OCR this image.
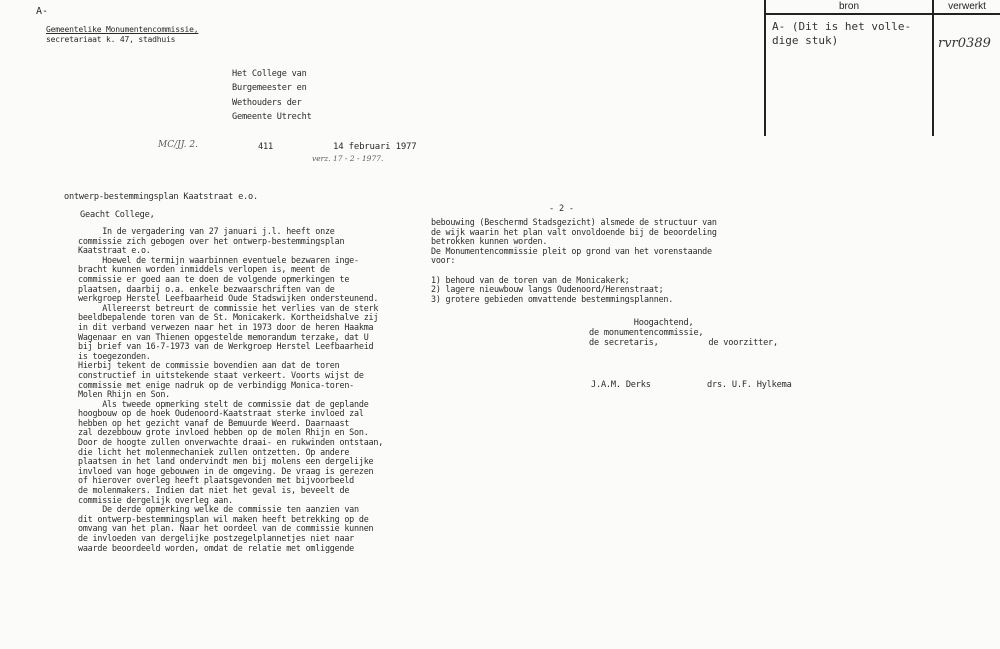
A-
Gemeentelike Monumentencommissie,
secretariaat k. 47, stadhuis
bron	verwerkt
A- (Dit is het volle-
dige stuk)	rvr0389
Het College van
Burgemeester en
Wethouders der
Gemeente Utrecht
MC/JJ. 2.	411	14 februari 1977
verz. 17 - 2 - 1977.
ontwerp-bestemmingsplan Kaatstraat e.o.
Geacht College,
In de vergadering van 27 januari j.l. heeft onze
commissie zich gebogen over het ontwerp-bestemmingsplan
Kaatstraat e.o.
Hoewel de termijn waarbinnen eventuele bezwaren inge-
bracht kunnen worden inmiddels verlopen is, meent de
commissie er goed aan te doen de volgende opmerkingen te
plaatsen, daarbij o.a. enkele bezwaarschriften van de
werkgroep Herstel Leefbaarheid Oude Stadswijken ondersteunend.
Allereerst betreurt de commissie het verlies van de sterk
beeldbepalende toren van de St. Monicakerk. Kortheidshalve zij
in dit verband verwezen naar het in 1973 door de heren Haakma
Wagenaar en van Thienen opgestelde memorandum terzake, dat U
bij brief van 16-7-1973 van de Werkgroep Herstel Leefbaarheid
is toegezonden.
Hierbij tekent de commissie bovendien aan dat de toren
constructief in uitstekende staat verkeert. Voorts wijst de
commissie met enige nadruk op de verbindigg Monica-toren-
Molen Rhijn en Son.
Als tweede opmerking stelt de commissie dat de geplande
hoogbouw op de hoek Oudenoord-Kaatstraat sterke invloed zal
hebben op het gezicht vanaf de Bemuurde Weerd. Daarnaast
zal dezebbouw grote invloed hebben op de molen Rhijn en Son.
Door de hoogte zullen onverwachte draai- en rukwinden ontstaan,
die licht het molenmechaniek zullen ontzetten. Op andere
plaatsen in het land ondervindt men bij molens een dergelijke
invloed van hoge gebouwen in de omgeving. De vraag is gerezen
of hierover overleg heeft plaatsgevonden met bijvoorbeeld
de molenmakers. Indien dat niet het geval is, beveelt de
commissie dergelijk overleg aan.
De derde opmerking welke de commissie ten aanzien van
dit ontwerp-bestemmingsplan wil maken heeft betrekking op de
omvang van het plan. Naar het oordeel van de commissie kunnen
de invloeden van dergelijke postzegelplannetjes niet naar
waarde beoordeeld worden, omdat de relatie met omliggende
- 2 -
bebouwing (Beschermd Stadsgezicht) alsmede de structuur van
de wijk waarin het plan valt onvoldoende bij de beoordeling
betrokken kunnen worden.
De Monumentencommissie pleit op grond van het vorenstaande
voor:

1) behoud van de toren van de Monicakerk;
2) lagere nieuwbouw langs Oudenoord/Herenstraat;
3) grotere gebieden omvattende bestemmingsplannen.
Hoogachtend,
de monumentencommissie,
de secretaris,          de voorzitter,
J.A.M. Derks	drs. U.F. Hylkema
